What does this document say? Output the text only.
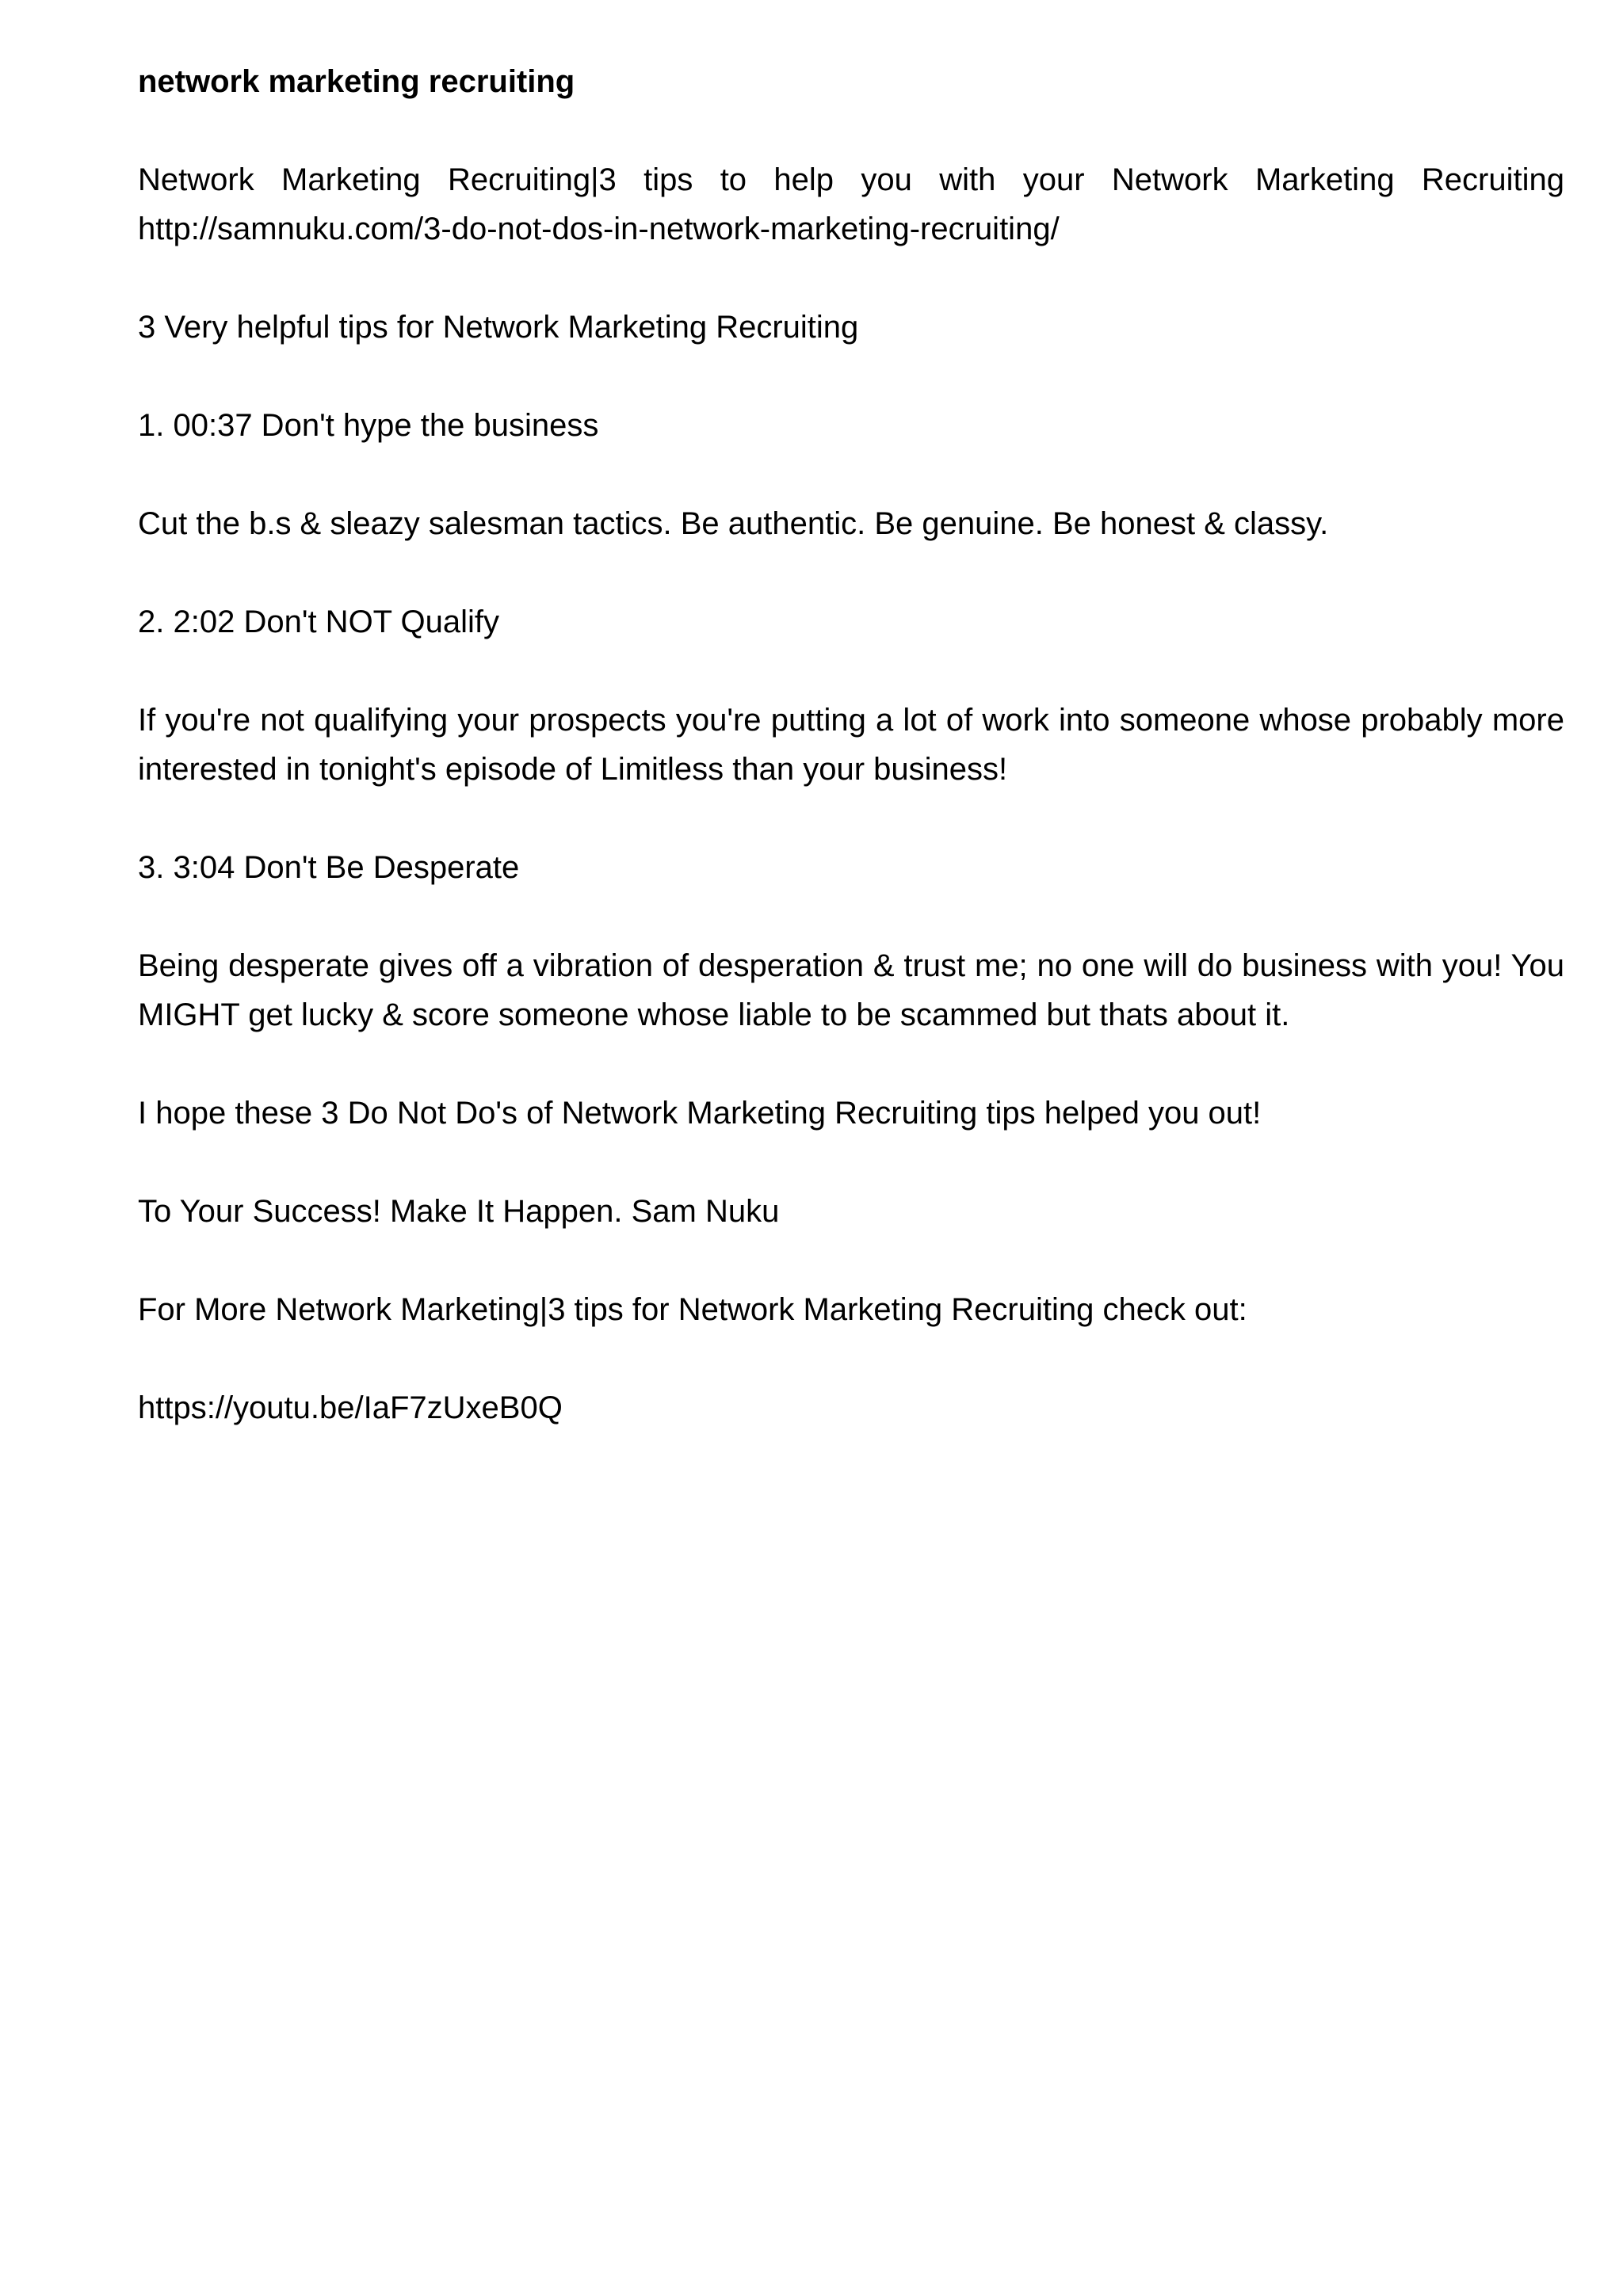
network marketing recruiting
Network Marketing Recruiting|3 tips to help you with your Network Marketing Recruiting
http://samnuku.com/3-do-not-dos-in-network-marketing-recruiting/
3 Very helpful tips for Network Marketing Recruiting
1. 00:37 Don't hype the business
Cut the b.s & sleazy salesman tactics. Be authentic. Be genuine. Be honest & classy.
2. 2:02 Don't NOT Qualify
If you're not qualifying your prospects you're putting a lot of work into someone whose probably more interested in tonight's episode of Limitless than your business!
3. 3:04 Don't Be Desperate
Being desperate gives off a vibration of desperation & trust me; no one will do business with you! You MIGHT get lucky & score someone whose liable to be scammed but thats about it.
I hope these 3 Do Not Do's of Network Marketing Recruiting tips helped you out!
To Your Success! Make It Happen. Sam Nuku
For More Network Marketing|3 tips for Network Marketing Recruiting check out:
https://youtu.be/IaF7zUxeB0Q
